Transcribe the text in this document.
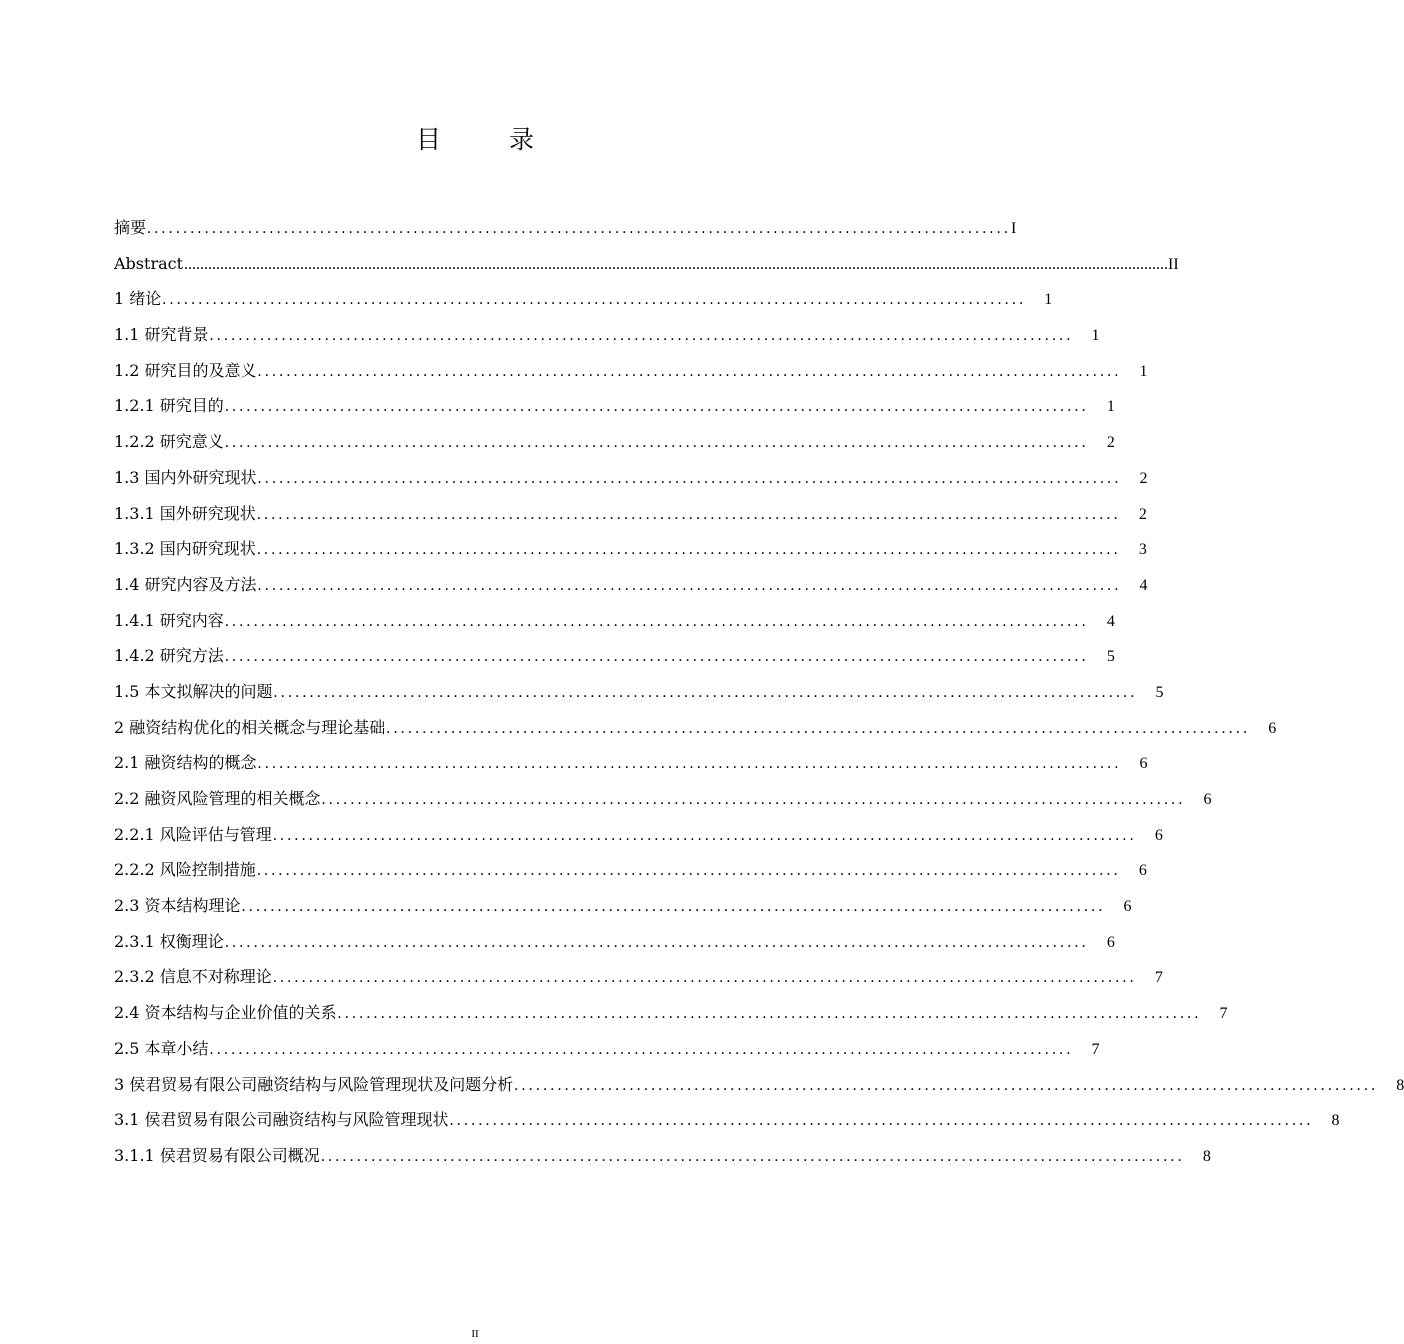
目 录
摘要 ........................................................................................................................ I
Abstract ...................................................................................................................................................................................................................................................... II
1 绪论 ........................................................................................................................	1
1.1 研究背景 ........................................................................................................................	1
1.2 研究目的及意义 ........................................................................................................................	1
1.2.1 研究目的 ........................................................................................................................	1
1.2.2 研究意义 ........................................................................................................................	2
1.3 国内外研究现状 ........................................................................................................................	2
1.3.1 国外研究现状 ........................................................................................................................	2
1.3.2 国内研究现状 ........................................................................................................................	3
1.4 研究内容及方法 ........................................................................................................................	4
1.4.1 研究内容 ........................................................................................................................	4
1.4.2 研究方法 ........................................................................................................................	5
1.5 本文拟解决的问题 ........................................................................................................................	5
2 融资结构优化的相关概念与理论基础 ........................................................................................................................	6
2.1 融资结构的概念 ........................................................................................................................	6
2.2 融资风险管理的相关概念 ........................................................................................................................	6
2.2.1 风险评估与管理 ........................................................................................................................	6
2.2.2 风险控制措施 ........................................................................................................................	6
2.3 资本结构理论 ........................................................................................................................	6
2.3.1 权衡理论 ........................................................................................................................	6
2.3.2 信息不对称理论 ........................................................................................................................	7
2.4 资本结构与企业价值的关系 ........................................................................................................................	7
2.5 本章小结 ........................................................................................................................	7
3 侯君贸易有限公司融资结构与风险管理现状及问题分析 ........................................................................................................................	8
3.1 侯君贸易有限公司融资结构与风险管理现状 ........................................................................................................................	8
3.1.1 侯君贸易有限公司概况 ........................................................................................................................	8
II
